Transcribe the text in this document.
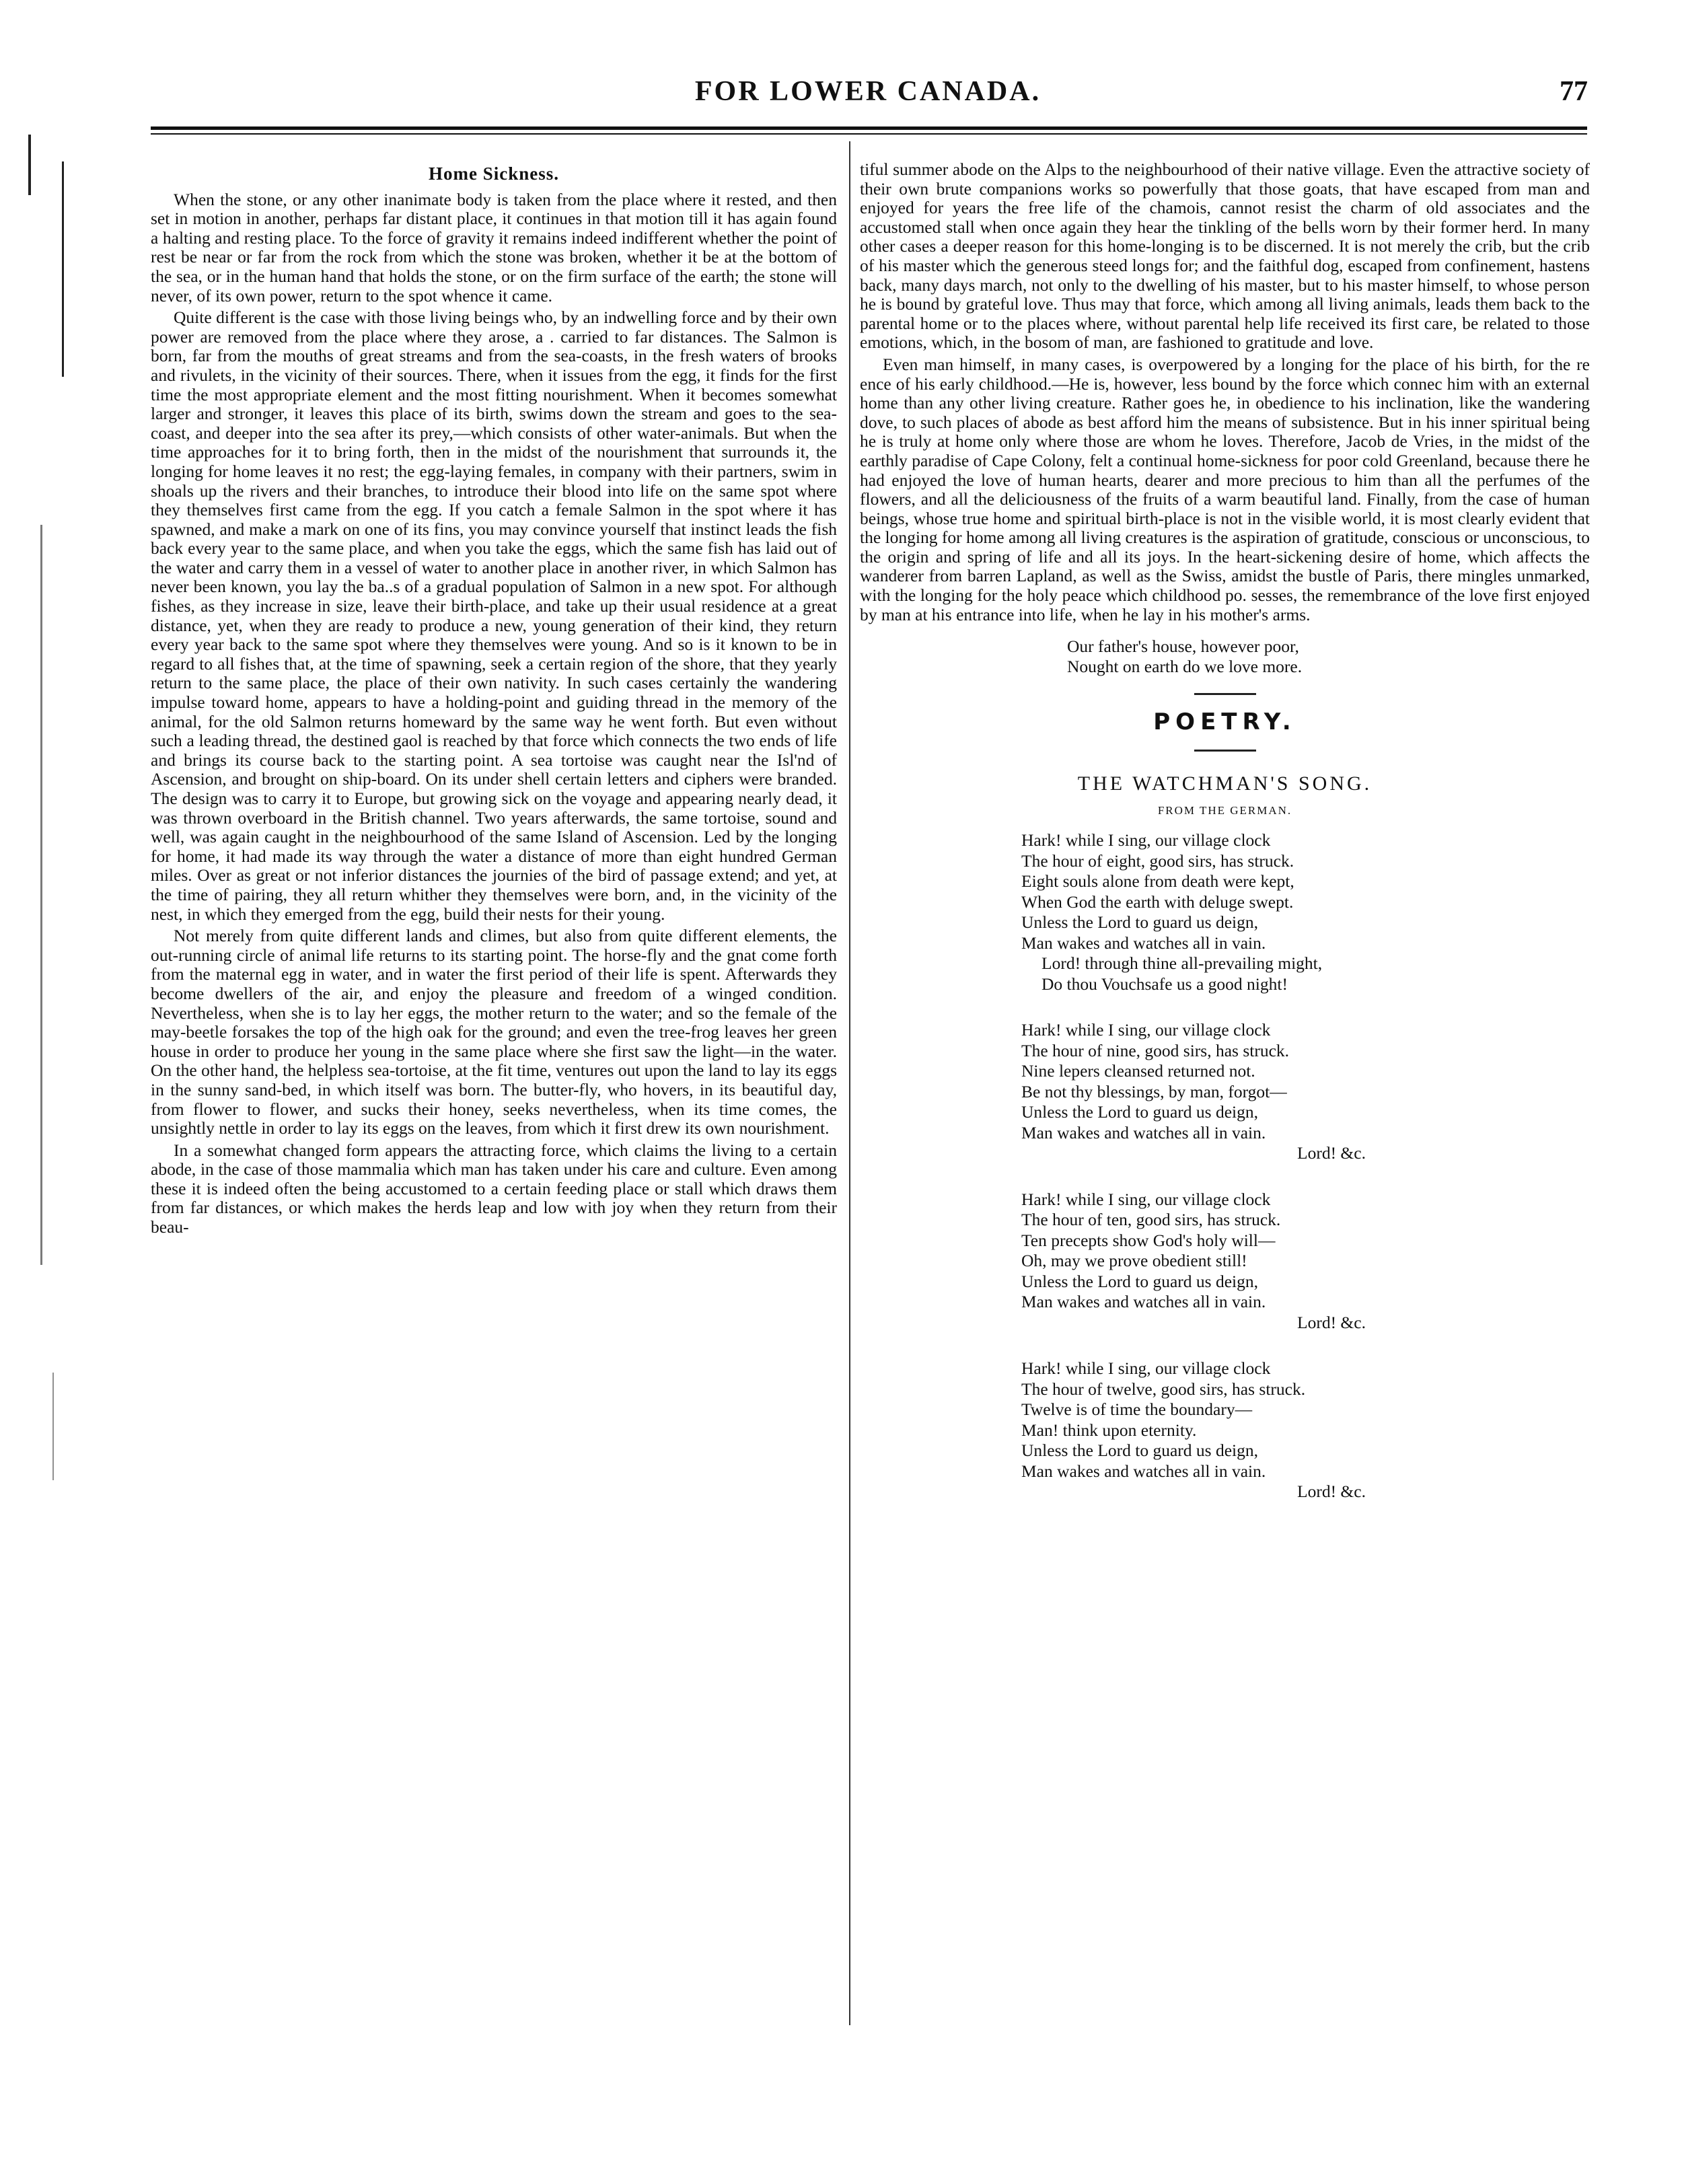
FOR LOWER CANADA.	77
Home Sickness.

When the stone, or any other inanimate body is taken from the place where it rested, and then set in motion in another, perhaps far distant place, it continues in that motion till it has again found a halting and resting place. To the force of gravity it remains indeed indifferent whether the point of rest be near or far from the rock from which the stone was broken, whether it be at the bottom of the sea, or in the human hand that holds the stone, or on the firm surface of the earth; the stone will never, of its own power, return to the spot whence it came.

Quite different is the case with those living beings who, by an indwelling force and by their own power are removed from the place where they arose, a . carried to far distances. The Salmon is born, far from the mouths of great streams and from the sea-coasts, in the fresh waters of brooks and rivulets, in the vicinity of their sources. There, when it issues from the egg, it finds for the first time the most appropriate element and the most fitting nourishment. When it becomes somewhat larger and stronger, it leaves this place of its birth, swims down the stream and goes to the sea-coast, and deeper into the sea after its prey,—which consists of other water-animals. But when the time approaches for it to bring forth, then in the midst of the nourishment that surrounds it, the longing for home leaves it no rest; the egg-laying females, in company with their partners, swim in shoals up the rivers and their branches, to introduce their blood into life on the same spot where they themselves first came from the egg. If you catch a female Salmon in the spot where it has spawned, and make a mark on one of its fins, you may convince yourself that instinct leads the fish back every year to the same place, and when you take the eggs, which the same fish has laid out of the water and carry them in a vessel of water to another place in another river, in which Salmon has never been known, you lay the ba..s of a gradual population of Salmon in a new spot. For although fishes, as they increase in size, leave their birth-place, and take up their usual residence at a great distance, yet, when they are ready to produce a new, young generation of their kind, they return every year back to the same spot where they themselves were young. And so is it known to be in regard to all fishes that, at the time of spawning, seek a certain region of the shore, that they yearly return to the same place, the place of their own nativity. In such cases certainly the wandering impulse toward home, appears to have a holding-point and guiding thread in the memory of the animal, for the old Salmon returns homeward by the same way he went forth. But even without such a leading thread, the destined gaol is reached by that force which connects the two ends of life and brings its course back to the starting point. A sea tortoise was caught near the Isl'nd of Ascension, and brought on ship-board. On its under shell certain letters and ciphers were branded. The design was to carry it to Europe, but growing sick on the voyage and appearing nearly dead, it was thrown overboard in the British channel. Two years afterwards, the same tortoise, sound and well, was again caught in the neighbourhood of the same Island of Ascension. Led by the longing for home, it had made its way through the water a distance of more than eight hundred German miles. Over as great or not inferior distances the journies of the bird of passage extend; and yet, at the time of pairing, they all return whither they themselves were born, and, in the vicinity of the nest, in which they emerged from the egg, build their nests for their young.

Not merely from quite different lands and climes, but also from quite different elements, the out-running circle of animal life returns to its starting point. The horse-fly and the gnat come forth from the maternal egg in water, and in water the first period of their life is spent. Afterwards they become dwellers of the air, and enjoy the pleasure and freedom of a winged condition. Nevertheless, when she is to lay her eggs, the mother return to the water; and so the female of the may-beetle forsakes the top of the high oak for the ground; and even the tree-frog leaves her green house in order to produce her young in the same place where she first saw the light—in the water. On the other hand, the helpless sea-tortoise, at the fit time, ventures out upon the land to lay its eggs in the sunny sand-bed, in which itself was born. The butter-fly, who hovers, in its beautiful day, from flower to flower, and sucks their honey, seeks nevertheless, when its time comes, the unsightly nettle in order to lay its eggs on the leaves, from which it first drew its own nourishment.

In a somewhat changed form appears the attracting force, which claims the living to a certain abode, in the case of those mammalia which man has taken under his care and culture. Even among these it is indeed often the being accustomed to a certain feeding place or stall which draws them from far distances, or which makes the herds leap and low with joy when they return from their beau-

tiful summer abode on the Alps to the neighbourhood of their native village. Even the attractive society of their own brute companions works so powerfully that those goats, that have escaped from man and enjoyed for years the free life of the chamois, cannot resist the charm of old associates and the accustomed stall when once again they hear the tinkling of the bells worn by their former herd. In many other cases a deeper reason for this home-longing is to be discerned. It is not merely the crib, but the crib of his master which the generous steed longs for; and the faithful dog, escaped from confinement, hastens back, many days march, not only to the dwelling of his master, but to his master himself, to whose person he is bound by grateful love. Thus may that force, which among all living animals, leads them back to the parental home or to the places where, without parental help life received its first care, be related to those emotions, which, in the bosom of man, are fashioned to gratitude and love.

Even man himself, in many cases, is overpowered by a longing for the place of his birth, for the re ence of his early childhood.—He is, however, less bound by the force which connec him with an external home than any other living creature. Rather goes he, in obedience to his inclination, like the wandering dove, to such places of abode as best afford him the means of subsistence. But in his inner spiritual being he is truly at home only where those are whom he loves. Therefore, Jacob de Vries, in the midst of the earthly paradise of Cape Colony, felt a continual home-sickness for poor cold Greenland, because there he had enjoyed the love of human hearts, dearer and more precious to him than all the perfumes of the flowers, and all the deliciousness of the fruits of a warm beautiful land. Finally, from the case of human beings, whose true home and spiritual birth-place is not in the visible world, it is most clearly evident that the longing for home among all living creatures is the aspiration of gratitude, conscious or unconscious, to the origin and spring of life and all its joys. In the heart-sickening desire of home, which affects the wanderer from barren Lapland, as well as the Swiss, amidst the bustle of Paris, there mingles unmarked, with the longing for the holy peace which childhood po. sesses, the remembrance of the love first enjoyed by man at his entrance into life, when he lay in his mother's arms.

Our father's house, however poor,
Nought on earth do we love more.
POETRY.
THE WATCHMAN'S SONG.
FROM THE GERMAN.
Hark! while I sing, our village clock
The hour of eight, good sirs, has struck.
Eight souls alone from death were kept,
When God the earth with deluge swept.
Unless the Lord to guard us deign,
Man wakes and watches all in vain.
Lord! through thine all-prevailing might,
Do thou Vouchsafe us a good night!
Hark! while I sing, our village clock
The hour of nine, good sirs, has struck.
Nine lepers cleansed returned not.
Be not thy blessings, by man, forgot—
Unless the Lord to guard us deign,
Man wakes and watches all in vain.
Lord! &c.
Hark! while I sing, our village clock
The hour of ten, good sirs, has struck.
Ten precepts show God's holy will—
Oh, may we prove obedient still!
Unless the Lord to guard us deign,
Man wakes and watches all in vain.
Lord! &c.
Hark! while I sing, our village clock
The hour of twelve, good sirs, has struck.
Twelve is of time the boundary—
Man! think upon eternity.
Unless the Lord to guard us deign,
Man wakes and watches all in vain.
Lord! &c.
